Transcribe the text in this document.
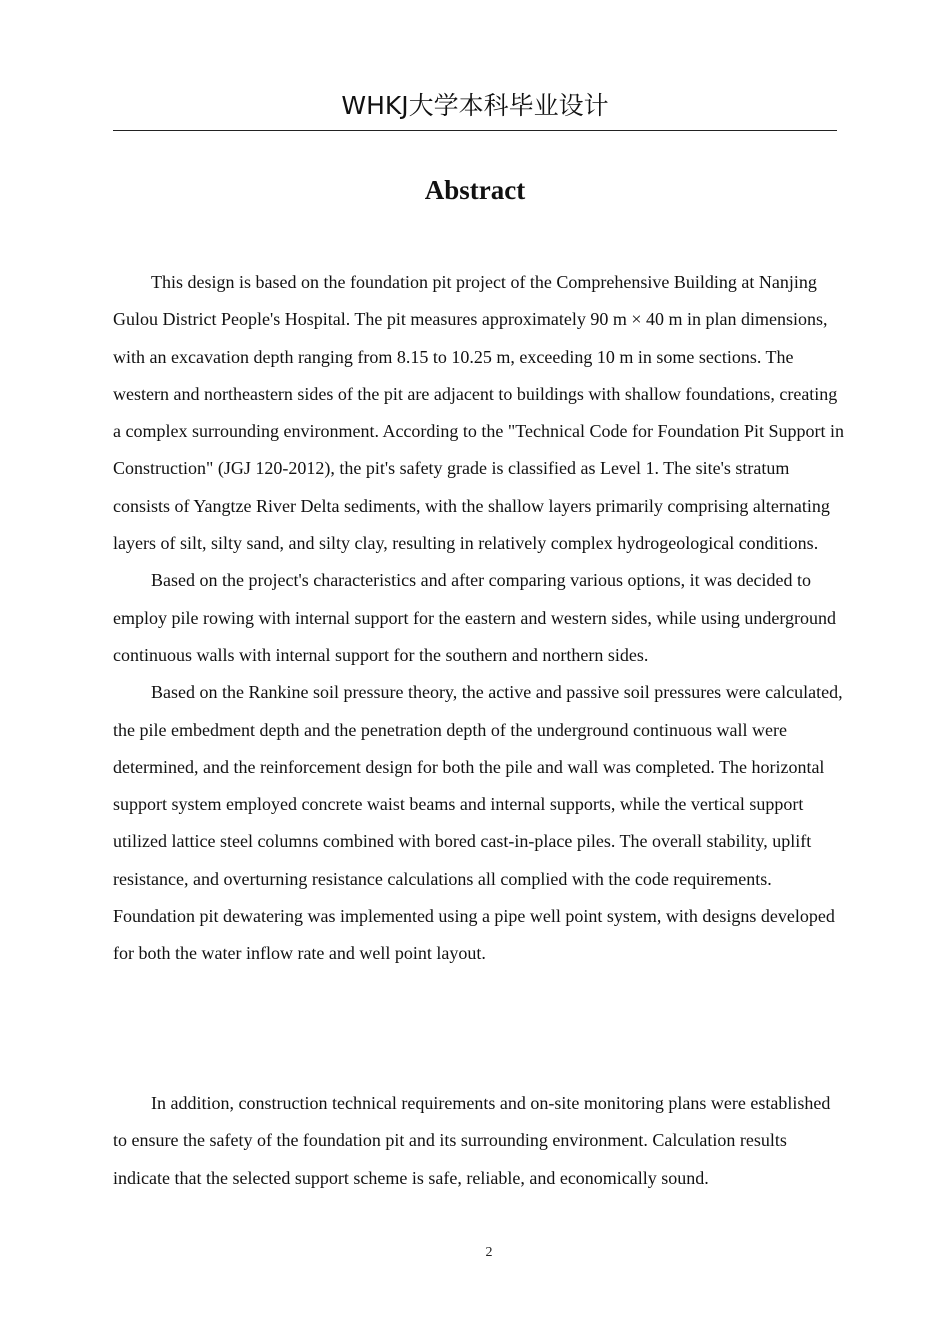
WHKJ大学本科毕业设计
Abstract

This design is based on the foundation pit project of the Comprehensive Building at Nanjing Gulou District People's Hospital. The pit measures approximately 90 m × 40 m in plan dimensions, with an excavation depth ranging from 8.15 to 10.25 m, exceeding 10 m in some sections. The western and northeastern sides of the pit are adjacent to buildings with shallow foundations, creating a complex surrounding environment. According to the "Technical Code for Foundation Pit Support in Construction" (JGJ 120-2012), the pit's safety grade is classified as Level 1. The site's stratum consists of Yangtze River Delta sediments, with the shallow layers primarily comprising alternating layers of silt, silty sand, and silty clay, resulting in relatively complex hydrogeological conditions.

Based on the project's characteristics and after comparing various options, it was decided to employ pile rowing with internal support for the eastern and western sides, while using underground continuous walls with internal support for the southern and northern sides.

Based on the Rankine soil pressure theory, the active and passive soil pressures were calculated, the pile embedment depth and the penetration depth of the underground continuous wall were determined, and the reinforcement design for both the pile and wall was completed. The horizontal support system employed concrete waist beams and internal supports, while the vertical support utilized lattice steel columns combined with bored cast-in-place piles. The overall stability, uplift resistance, and overturning resistance calculations all complied with the code requirements. Foundation pit dewatering was implemented using a pipe well point system, with designs developed for both the water inflow rate and well point layout.

In addition, construction technical requirements and on-site monitoring plans were established to ensure the safety of the foundation pit and its surrounding environment. Calculation results indicate that the selected support scheme is safe, reliable, and economically sound.

2
